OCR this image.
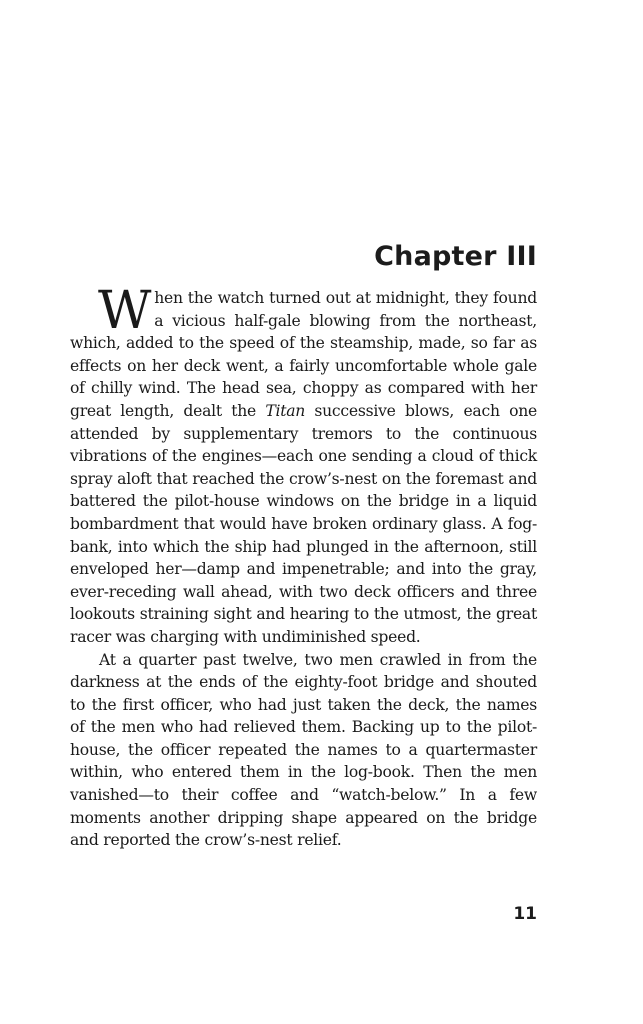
Chapter III

When the watch turned out at midnight, they found a vicious half-gale blowing from the northeast, which, added to the speed of the steamship, made, so far as effects on her deck went, a fairly uncomfortable whole gale of chilly wind. The head sea, choppy as compared with her great length, dealt the Titan successive blows, each one attended by supplementary tremors to the continuous vibrations of the engines—each one sending a cloud of thick spray aloft that reached the crow’s-nest on the foremast and battered the pilot-house windows on the bridge in a liquid bombardment that would have broken ordinary glass. A fog-bank, into which the ship had plunged in the afternoon, still enveloped her—damp and impenetrable; and into the gray, ever-receding wall ahead, with two deck officers and three lookouts straining sight and hearing to the utmost, the great racer was charging with undiminished speed.

At a quarter past twelve, two men crawled in from the darkness at the ends of the eighty-foot bridge and shouted to the first officer, who had just taken the deck, the names of the men who had relieved them. Backing up to the pilot-house, the officer repeated the names to a quartermaster within, who entered them in the log-book. Then the men vanished—to their coffee and “watch-below.” In a few moments another dripping shape appeared on the bridge and reported the crow’s-nest relief.

11
